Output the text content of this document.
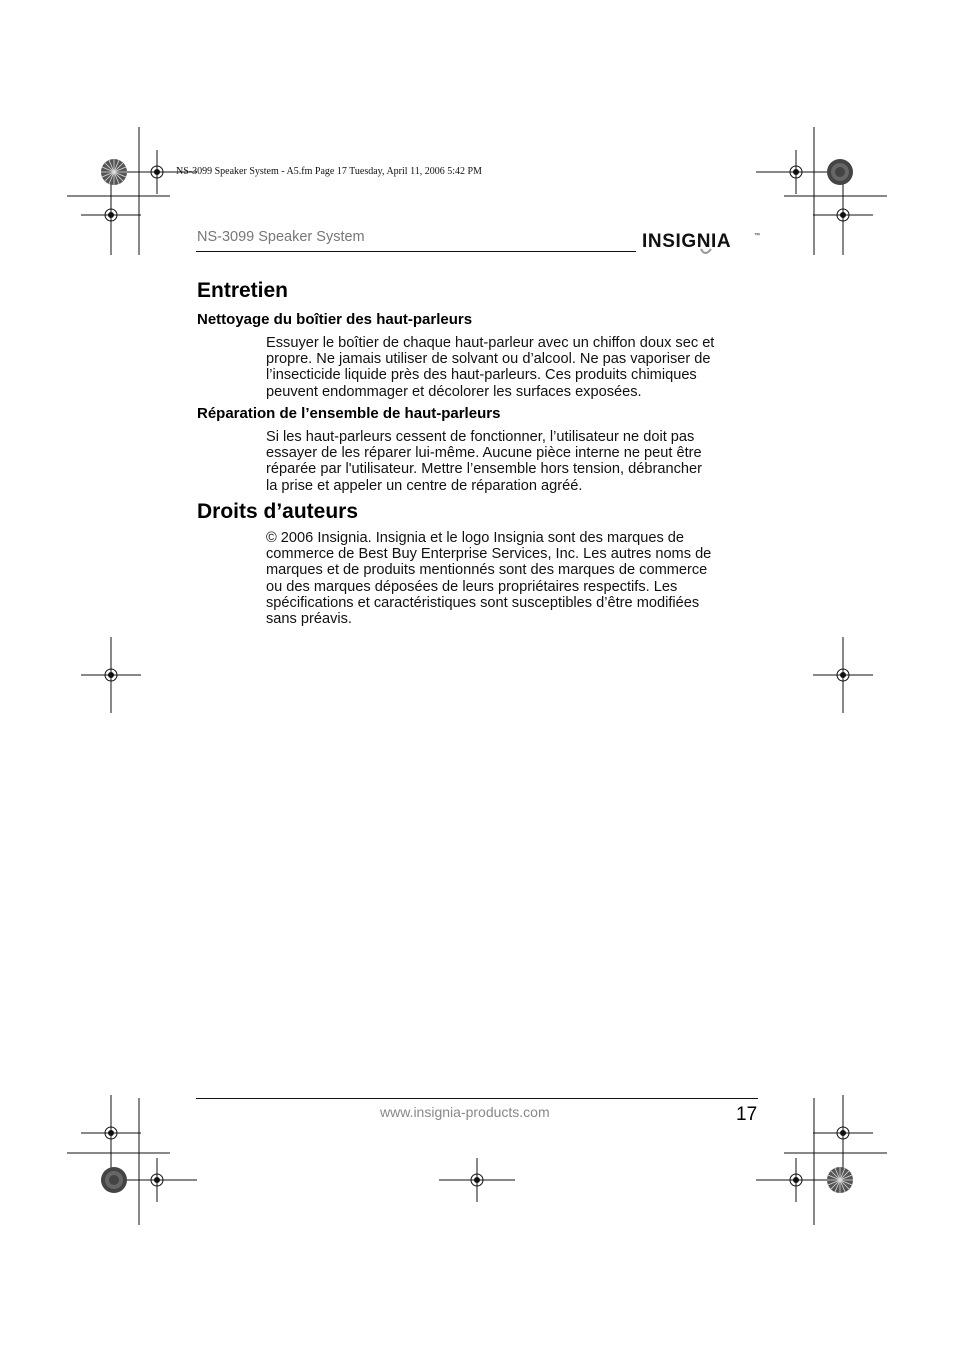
NS-3099 Speaker System - A5.fm Page 17 Tuesday, April 11, 2006 5:42 PM
NS-3099 Speaker System	INSIGNIA	™
Entretien
Nettoyage du boîtier des haut-parleurs
Essuyer le boîtier de chaque haut-parleur avec un chiffon doux sec et
propre. Ne jamais utiliser de solvant ou d’alcool. Ne pas vaporiser de
l’insecticide liquide près des haut-parleurs. Ces produits chimiques
peuvent endommager et décolorer les surfaces exposées.
Réparation de l’ensemble de haut-parleurs
Si les haut-parleurs cessent de fonctionner, l’utilisateur ne doit pas
essayer de les réparer lui-même. Aucune pièce interne ne peut être
réparée par l'utilisateur. Mettre l’ensemble hors tension, débrancher
la prise et appeler un centre de réparation agréé.
Droits d’auteurs
© 2006 Insignia. Insignia et le logo Insignia sont des marques de
commerce de Best Buy Enterprise Services, Inc. Les autres noms de
marques et de produits mentionnés sont des marques de commerce
ou des marques déposées de leurs propriétaires respectifs. Les
spécifications et caractéristiques sont susceptibles d’être modifiées
sans préavis.
www.insignia-products.com	17
